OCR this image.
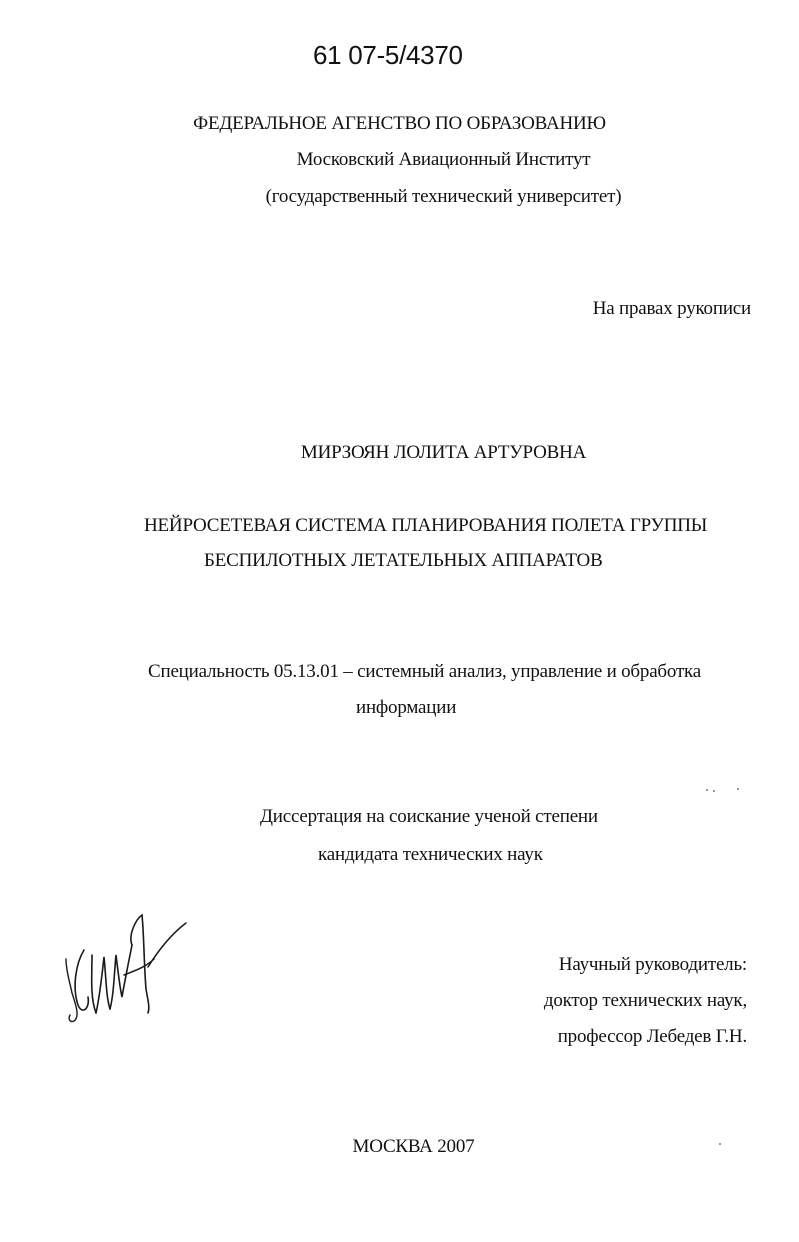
61 07-5/4370
ФЕДЕРАЛЬНОЕ АГЕНСТВО ПО ОБРАЗОВАНИЮ
Московский Авиационный Институт
(государственный технический университет)
На правах рукописи
МИРЗОЯН ЛОЛИТА АРТУРОВНА
НЕЙРОСЕТЕВАЯ СИСТЕМА ПЛАНИРОВАНИЯ ПОЛЕТА ГРУППЫ
БЕСПИЛОТНЫХ ЛЕТАТЕЛЬНЫХ АППАРАТОВ
Специальность 05.13.01 – системный анализ, управление и обработка
информации
Диссертация на соискание ученой степени
кандидата технических наук
Научный руководитель:
доктор технических наук,
профессор Лебедев Г.Н.
МОСКВА 2007
